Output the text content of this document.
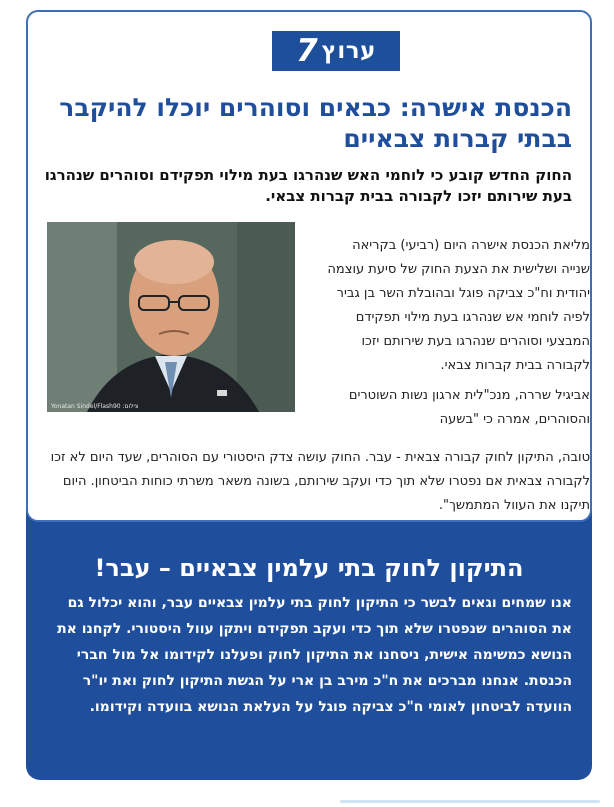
ערוץ
7
הכנסת אישרה: כבאים וסוהרים יוכלו להיקבר בבתי קברות צבאיים

החוק החדש קובע כי לוחמי האש שנהרגו בעת מילוי תפקידם וסוהרים שנהרגו בעת שירותם יזכו לקבורה בבית קברות צבאי.

מליאת הכנסת אישרה היום (רביעי) בקריאה שנייה ושלישית את הצעת החוק של סיעת עוצמה יהודית וח"כ צביקה פוגל ובהובלת השר בן גביר לפיה לוחמי אש שנהרגו בעת מילוי תפקידם המבצעי וסוהרים שנהרגו בעת שירותם יזכו לקבורה בבית קברות צבאי.

אביגיל שררה, מנכ"לית ארגון נשות השוטרים והסוהרים, אמרה כי "בשעה

טובה, התיקון לחוק קבורה צבאית - עבר. החוק עושה צדק היסטורי עם הסוהרים, שעד היום לא זכו לקבורה צבאית אם נפטרו שלא תוך כדי ועקב שירותם, בשונה משאר משרתי כוחות הביטחון. היום תיקנו את העוול המתמשך".

Yonatan Sindel/Flash90 :צילום
התיקון לחוק בתי עלמין צבאיים – עבר!

אנו שמחים וגאים לבשר כי התיקון לחוק בתי עלמין צבאיים עבר, והוא יכלול גם את הסוהרים שנפטרו שלא תוך כדי ועקב תפקידם ויתקן עוול היסטורי. לקחנו את הנושא כמשימה אישית, ניסחנו את התיקון לחוק ופעלנו לקידומו אל מול חברי הכנסת. אנחנו מברכים את ח"כ מירב בן ארי על הגשת התיקון לחוק ואת יו"ר הוועדה לביטחון לאומי ח"כ צביקה פוגל על העלאת הנושא בוועדה וקידומו.
